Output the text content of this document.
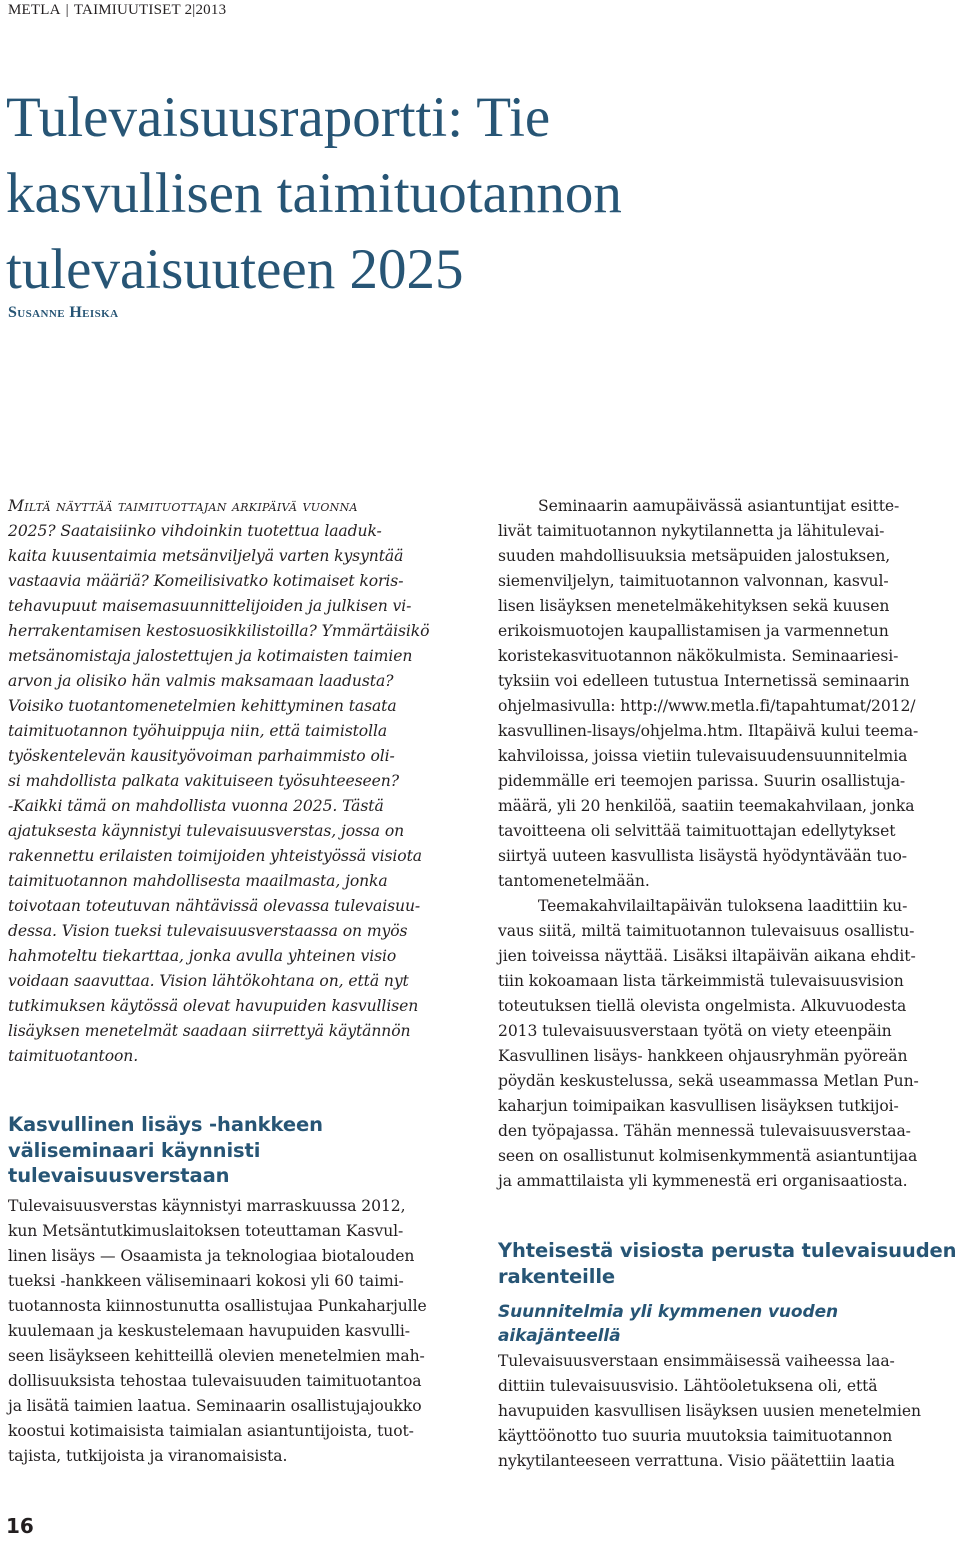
METLA | TAIMIUUTISET 2|2013
Tulevaisuusraportti: Tie
kasvullisen taimituotannon
tulevaisuuteen 2025
Susanne Heiska
Miltä näyttää taimituottajan arkipäivä vuonna
2025? Saataisiinko vihdoinkin tuotettua laaduk-
kaita kuusentaimia metsänviljelyä varten kysyntää
vastaavia määriä? Komeilisivatko kotimaiset koris-
tehavupuut maisemasuunnittelijoiden ja julkisen vi-
herrakentamisen kestosuosikkilistoilla? Ymmärtäisikö
metsänomistaja jalostettujen ja kotimaisten taimien
arvon ja olisiko hän valmis maksamaan laadusta?
Voisiko tuotantomenetelmien kehittyminen tasata
taimituotannon työhuippuja niin, että taimistolla
työskentelevän kausityövoiman parhaimmisto oli-
si mahdollista palkata vakituiseen työsuhteeseen?
-Kaikki tämä on mahdollista vuonna 2025. Tästä
ajatuksesta käynnistyi tulevaisuusverstas, jossa on
rakennettu erilaisten toimijoiden yhteistyössä visiota
taimituotannon mahdollisesta maailmasta, jonka
toivotaan toteutuvan nähtävissä olevassa tulevaisuu-
dessa. Vision tueksi tulevaisuusverstaassa on myös
hahmoteltu tiekarttaa, jonka avulla yhteinen visio
voidaan saavuttaa. Vision lähtökohtana on, että nyt
tutkimuksen käytössä olevat havupuiden kasvullisen
lisäyksen menetelmät saadaan siirrettyä käytännön
taimituotantoon.
Kasvullinen lisäys -hankkeen
väliseminaari käynnisti
tulevaisuusverstaan
Tulevaisuusverstas käynnistyi marraskuussa 2012,
kun Metsäntutkimuslaitoksen toteuttaman Kasvul-
linen lisäys — Osaamista ja teknologiaa biotalouden
tueksi -hankkeen väliseminaari kokosi yli 60 taimi-
tuotannosta kiinnostunutta osallistujaa Punkaharjulle
kuulemaan ja keskustelemaan havupuiden kasvulli-
seen lisäykseen kehitteillä olevien menetelmien mah-
dollisuuksista tehostaa tulevaisuuden taimituotantoa
ja lisätä taimien laatua. Seminaarin osallistujajoukko
koostui kotimaisista taimialan asiantuntijoista, tuot-
tajista, tutkijoista ja viranomaisista.
Seminaarin aamupäivässä asiantuntijat esitte-
livät taimituotannon nykytilannetta ja lähitulevai-
suuden mahdollisuuksia metsäpuiden jalostuksen,
siemenviljelyn, taimituotannon valvonnan, kasvul-
lisen lisäyksen menetelmäkehityksen sekä kuusen
erikoismuotojen kaupallistamisen ja varmennetun
koristekasvituotannon näkökulmista. Seminaariesi-
tyksiin voi edelleen tutustua Internetissä seminaarin
ohjelmasivulla: http://www.metla.fi/tapahtumat/2012/
kasvullinen-lisays/ohjelma.htm. Iltapäivä kului teema-
kahviloissa, joissa vietiin tulevaisuudensuunnitelmia
pidemmälle eri teemojen parissa. Suurin osallistuja-
määrä, yli 20 henkilöä, saatiin teemakahvilaan, jonka
tavoitteena oli selvittää taimituottajan edellytykset
siirtyä uuteen kasvullista lisäystä hyödyntävään tuo-
tantomenetelmään.
Teemakahvilailtapäivän tuloksena laadittiin ku-
vaus siitä, miltä taimituotannon tulevaisuus osallistu-
jien toiveissa näyttää. Lisäksi iltapäivän aikana ehdit-
tiin kokoamaan lista tärkeimmistä tulevaisuusvision
toteutuksen tiellä olevista ongelmista. Alkuvuodesta
2013 tulevaisuusverstaan työtä on viety eteenpäin
Kasvullinen lisäys- hankkeen ohjausryhmän pyöreän
pöydän keskustelussa, sekä useammassa Metlan Pun-
kaharjun toimipaikan kasvullisen lisäyksen tutkijoi-
den työpajassa. Tähän mennessä tulevaisuusverstaa-
seen on osallistunut kolmisenkymmentä asiantuntijaa
ja ammattilaista yli kymmenestä eri organisaatiosta.
Yhteisestä visiosta perusta tulevaisuuden
rakenteille
Suunnitelmia yli kymmenen vuoden
aikajänteellä
Tulevaisuusverstaan ensimmäisessä vaiheessa laa-
dittiin tulevaisuusvisio. Lähtöoletuksena oli, että
havupuiden kasvullisen lisäyksen uusien menetelmien
käyttöönotto tuo suuria muutoksia taimituotannon
nykytilanteeseen verrattuna. Visio päätettiin laatia
16
